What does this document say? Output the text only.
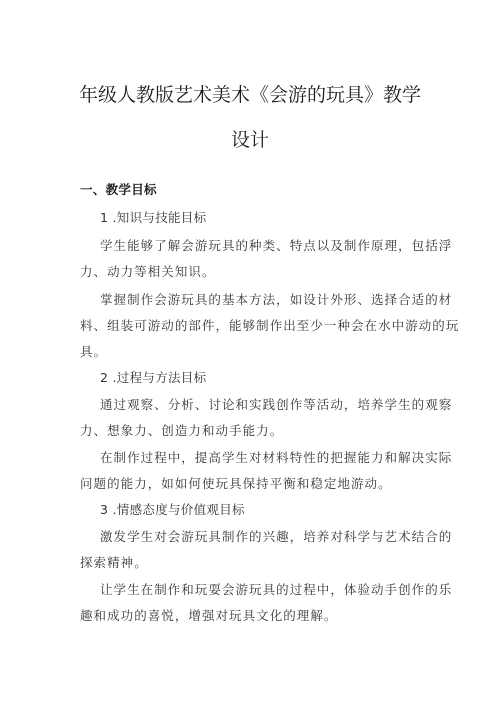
年级人教版艺术美术《会游的玩具》教学
设计
一、教学目标
1 .知识与技能目标
学生能够了解会游玩具的种类、特点以及制作原理，包括浮
力、动力等相关知识。
掌握制作会游玩具的基本方法，如设计外形、选择合适的材
料、组装可游动的部件，能够制作出至少一种会在水中游动的玩
具。
2 .过程与方法目标
通过观察、分析、讨论和实践创作等活动，培养学生的观察
力、想象力、创造力和动手能力。
在制作过程中，提高学生对材料特性的把握能力和解决实际
问题的能力，如如何使玩具保持平衡和稳定地游动。
3 .情感态度与价值观目标
激发学生对会游玩具制作的兴趣，培养对科学与艺术结合的
探索精神。
让学生在制作和玩耍会游玩具的过程中，体验动手创作的乐
趣和成功的喜悦，增强对玩具文化的理解。
